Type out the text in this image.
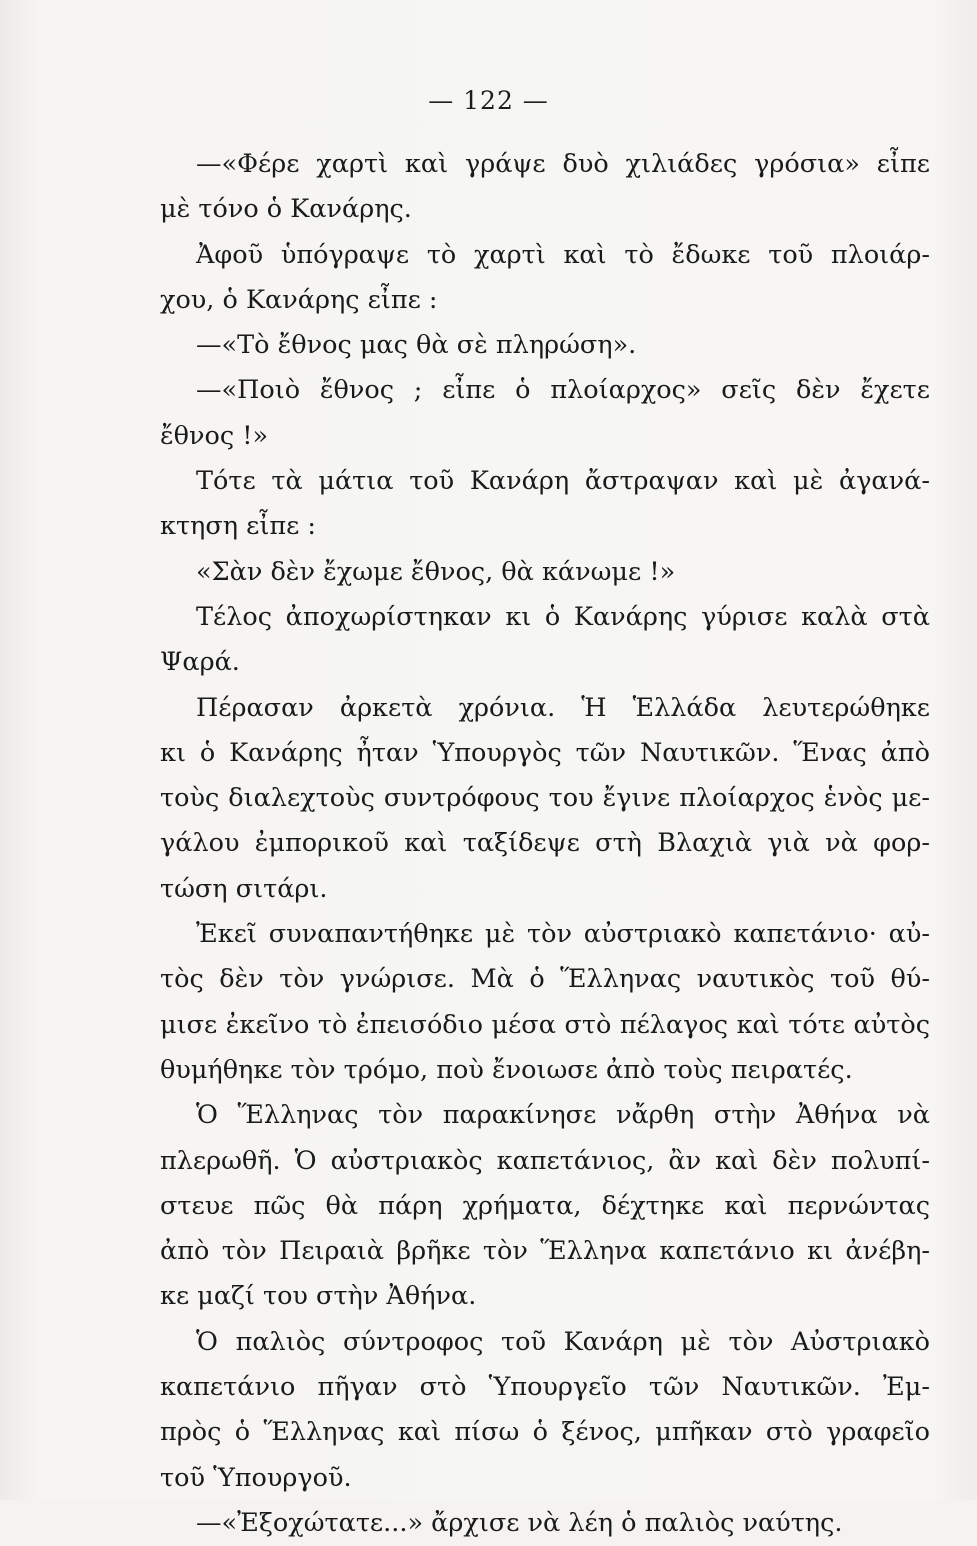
— 122 —
—«Φέρε χαρτὶ καὶ γράψε δυὸ χιλιάδες γρόσια» εἶπε
μὲ τόνο ὁ Κανάρης.
Ἀφοῦ ὑπόγραψε τὸ χαρτὶ καὶ τὸ ἔδωκε τοῦ πλοιάρ-
χου, ὁ Κανάρης εἶπε :
—«Τὸ ἔθνος μας θὰ σὲ πληρώση».
—«Ποιὸ ἔθνος ; εἶπε ὁ πλοίαρχος» σεῖς δὲν ἔχετε
ἔθνος !»
Τότε τὰ μάτια τοῦ Κανάρη ἄστραψαν καὶ μὲ ἀγανά-
κτηση εἶπε :
«Σὰν δὲν ἔχωμε ἔθνος, θὰ κάνωμε !»
Τέλος ἀποχωρίστηκαν κι ὁ Κανάρης γύρισε καλὰ στὰ
Ψαρά.
Πέρασαν ἀρκετὰ χρόνια. Ἡ Ἑλλάδα λευτερώθηκε
κι ὁ Κανάρης ἦταν Ὑπουργὸς τῶν Ναυτικῶν. Ἕνας ἀπὸ
τοὺς διαλεχτοὺς συντρόφους του ἔγινε πλοίαρχος ἑνὸς με-
γάλου ἐμπορικοῦ καὶ ταξίδεψε στὴ Βλαχιὰ γιὰ νὰ φορ-
τώση σιτάρι.
Ἐκεῖ συναπαντήθηκε μὲ τὸν αὐστριακὸ καπετάνιο· αὐ-
τὸς δὲν τὸν γνώρισε. Μὰ ὁ Ἕλληνας ναυτικὸς τοῦ θύ-
μισε ἐκεῖνο τὸ ἐπεισόδιο μέσα στὸ πέλαγος καὶ τότε αὐτὸς
θυμήθηκε τὸν τρόμο, ποὺ ἔνοιωσε ἀπὸ τοὺς πειρατές.
Ὁ Ἕλληνας τὸν παρακίνησε νἄρθη στὴν Ἀθήνα νὰ
πλερωθῆ. Ὁ αὐστριακὸς καπετάνιος, ἂν καὶ δὲν πολυπί-
στευε πῶς θὰ πάρη χρήματα, δέχτηκε καὶ περνώντας
ἀπὸ τὸν Πειραιὰ βρῆκε τὸν Ἕλληνα καπετάνιο κι ἀνέβη-
κε μαζί του στὴν Ἀθήνα.
Ὁ παλιὸς σύντροφος τοῦ Κανάρη μὲ τὸν Αὐστριακὸ
καπετάνιο πῆγαν στὸ Ὑπουργεῖο τῶν Ναυτικῶν. Ἐμ-
πρὸς ὁ Ἕλληνας καὶ πίσω ὁ ξένος, μπῆκαν στὸ γραφεῖο
τοῦ Ὑπουργοῦ.
—«Ἐξοχώτατε...» ἄρχισε νὰ λέη ὁ παλιὸς ναύτης.
